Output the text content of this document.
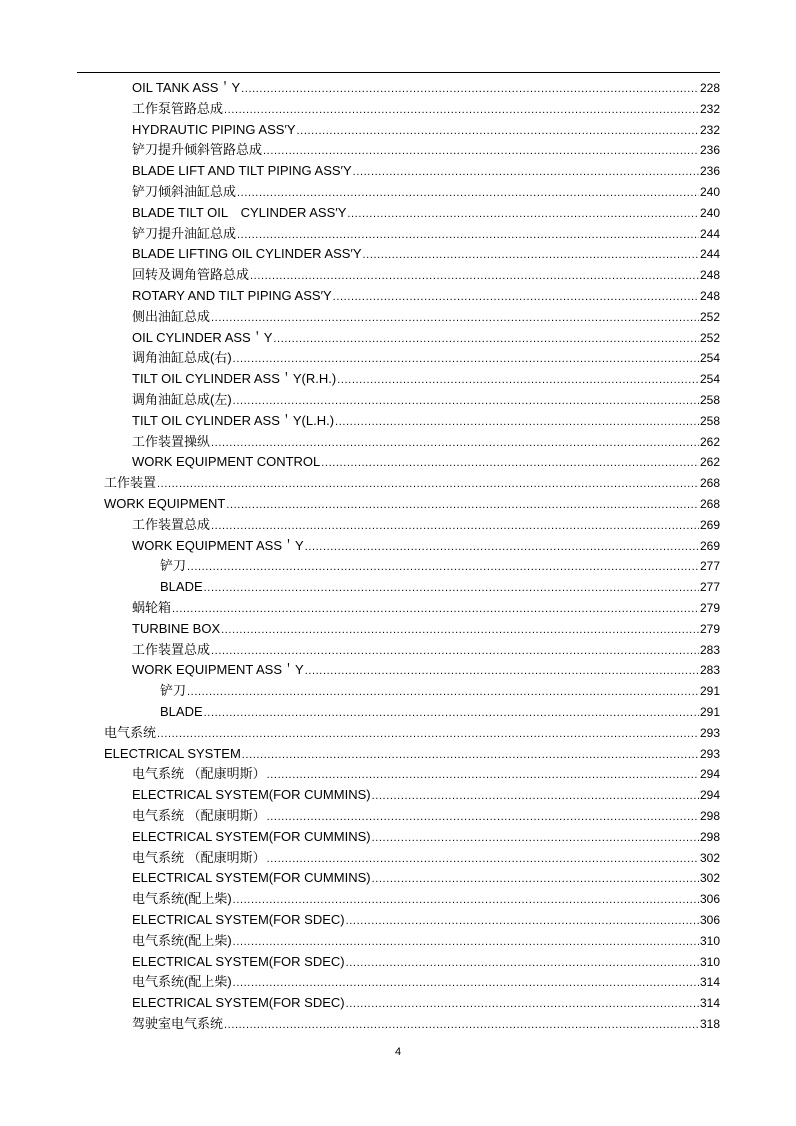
OIL TANK ASS＇Y .....	228
工作泵管路总成 .....	232
HYDRAUTIC PIPING ASS′Y .....	232
铲刀提升倾斜管路总成 .....	236
BLADE LIFT AND TILT PIPING ASS′Y .....	236
铲刀倾斜油缸总成 .....	240
BLADE TILT OIL　CYLINDER ASS′Y .....	240
铲刀提升油缸总成 .....	244
BLADE LIFTING OIL CYLINDER ASS′Y .....	244
回转及调角管路总成 .....	248
ROTARY AND TILT PIPING ASS′Y .....	248
侧出油缸总成 .....	252
OIL CYLINDER ASS＇Y .....	252
调角油缸总成(右) .....	254
TILT OIL CYLINDER ASS＇Y(R.H.) .....	254
调角油缸总成(左) .....	258
TILT OIL CYLINDER ASS＇Y(L.H.) .....	258
工作装置操纵 .....	262
WORK EQUIPMENT CONTROL .....	262
工作装置 .....	268
WORK EQUIPMENT .....	268
工作装置总成 .....	269
WORK EQUIPMENT ASS＇Y .....	269
铲刀 .....	277
BLADE .....	277
蜗轮箱 .....	279
TURBINE BOX .....	279
工作装置总成 .....	283
WORK EQUIPMENT ASS＇Y .....	283
铲刀 .....	291
BLADE .....	291
电气系统 .....	293
ELECTRICAL SYSTEM .....	293
电气系统 （配康明斯） .....	294
ELECTRICAL SYSTEM(FOR CUMMINS) .....	294
电气系统 （配康明斯） .....	298
ELECTRICAL SYSTEM(FOR CUMMINS) .....	298
电气系统 （配康明斯） .....	302
ELECTRICAL SYSTEM(FOR CUMMINS) .....	302
电气系统(配上柴) .....	306
ELECTRICAL SYSTEM(FOR SDEC) .....	306
电气系统(配上柴) .....	310
ELECTRICAL SYSTEM(FOR SDEC) .....	310
电气系统(配上柴) .....	314
ELECTRICAL SYSTEM(FOR SDEC) .....	314
驾驶室电气系统 .....	318
4
